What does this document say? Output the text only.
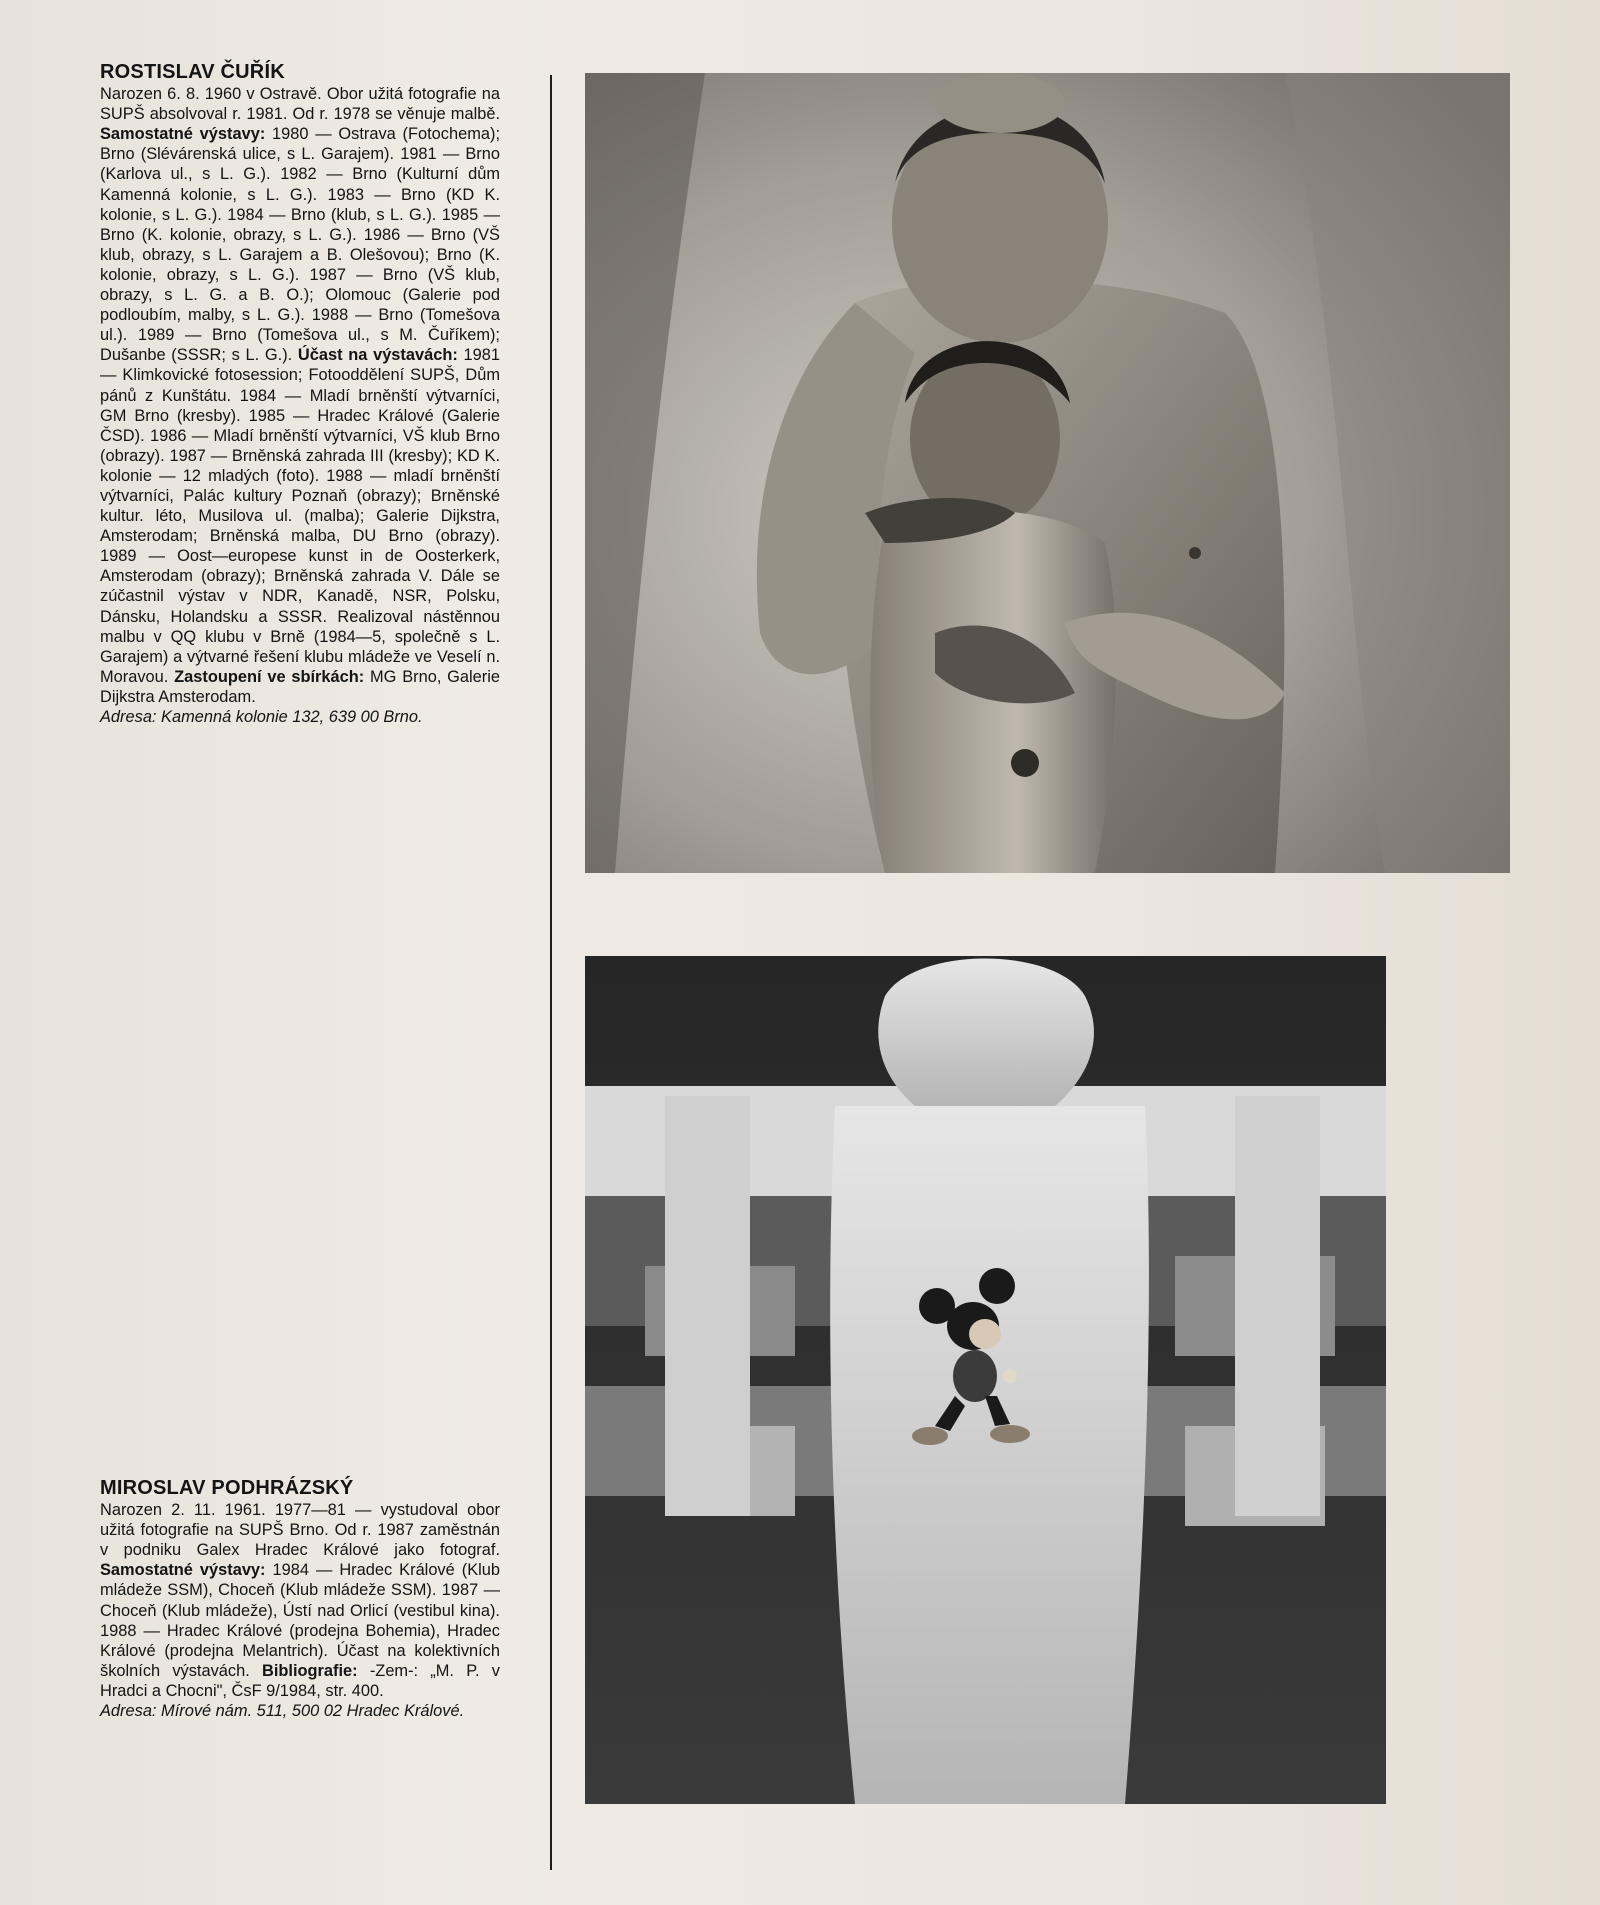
ROSTISLAV ČUŘÍK

Narozen 6. 8. 1960 v Ostravě. Obor užitá fotografie na SUPŠ absolvoval r. 1981. Od r. 1978 se věnuje malbě. Samostatné výstavy: 1980 — Ostrava (Fotochema); Brno (Slévárenská ulice, s L. Garajem). 1981 — Brno (Karlova ul., s L. G.). 1982 — Brno (Kulturní dům Kamenná kolonie, s L. G.). 1983 — Brno (KD K. kolonie, s L. G.). 1984 — Brno (klub, s L. G.). 1985 — Brno (K. kolonie, obrazy, s L. G.). 1986 — Brno (VŠ klub, obrazy, s L. Garajem a B. Olešovou); Brno (K. kolonie, obrazy, s L. G.). 1987 — Brno (VŠ klub, obrazy, s L. G. a B. O.); Olomouc (Galerie pod podloubím, malby, s L. G.). 1988 — Brno (Tomešova ul.). 1989 — Brno (Tomešova ul., s M. Čuříkem); Dušanbe (SSSR; s L. G.). Účast na výstavách: 1981 — Klimkovické fotosession; Fotooddělení SUPŠ, Dům pánů z Kunštátu. 1984 — Mladí brněnští výtvarníci, GM Brno (kresby). 1985 — Hradec Králové (Galerie ČSD). 1986 — Mladí brněnští výtvarníci, VŠ klub Brno (obrazy). 1987 — Brněnská zahrada III (kresby); KD K. kolonie — 12 mladých (foto). 1988 — mladí brněnští výtvarníci, Palác kultury Poznaň (obrazy); Brněnské kultur. léto, Musilova ul. (malba); Galerie Dijkstra, Amsterodam; Brněnská malba, DU Brno (obrazy). 1989 — Oost—europese kunst in de Oosterkerk, Amsterodam (obrazy); Brněnská zahrada V. Dále se zúčastnil výstav v NDR, Kanadě, NSR, Polsku, Dánsku, Holandsku a SSSR. Realizoval nástěnnou malbu v QQ klubu v Brně (1984—5, společně s L. Garajem) a výtvarné řešení klubu mládeže ve Veselí n. Moravou. Zastoupení ve sbírkách: MG Brno, Galerie Dijkstra Amsterodam.

Adresa: Kamenná kolonie 132, 639 00 Brno.

MIROSLAV PODHRÁZSKÝ

Narozen 2. 11. 1961. 1977—81 — vystudoval obor užitá fotografie na SUPŠ Brno. Od r. 1987 zaměstnán v podniku Galex Hradec Králové jako fotograf. Samostatné výstavy: 1984 — Hradec Králové (Klub mládeže SSM), Choceň (Klub mládeže SSM). 1987 — Choceň (Klub mládeže), Ústí nad Orlicí (vestibul kina). 1988 — Hradec Králové (prodejna Bohemia), Hradec Králové (prodejna Melantrich). Účast na kolektivních školních výstavách. Bibliografie: -Zem-: „M. P. v Hradci a Chocni", ČsF 9/1984, str. 400.

Adresa: Mírové nám. 511, 500 02 Hradec Králové.
